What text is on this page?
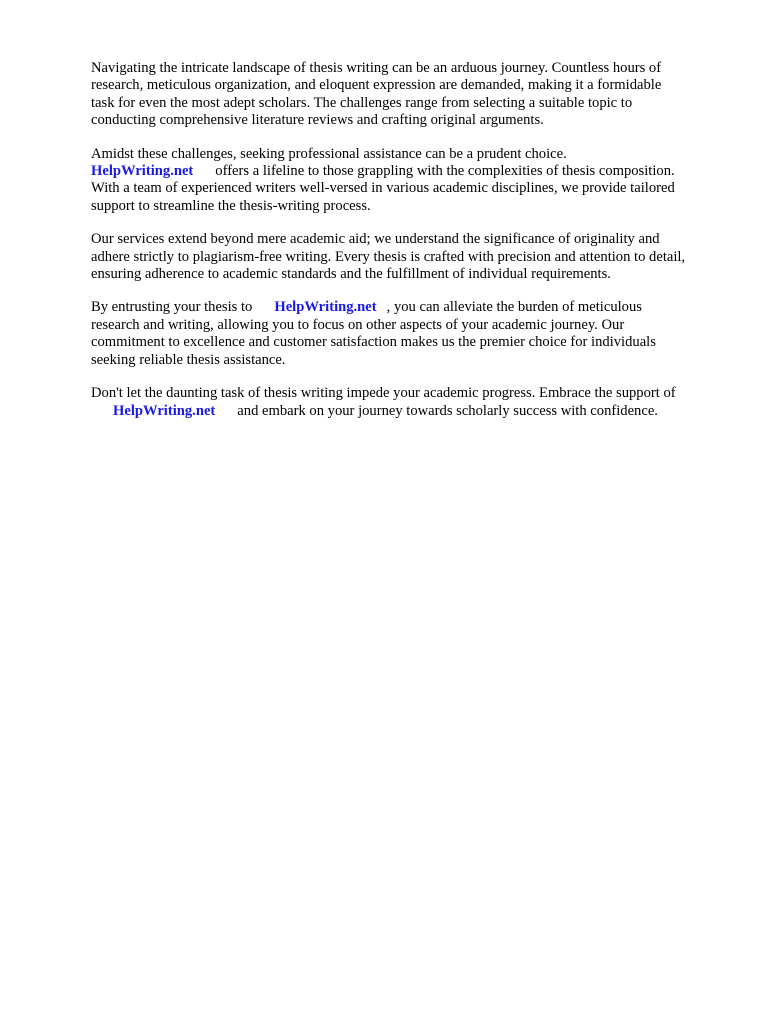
Navigating the intricate landscape of thesis writing can be an arduous journey. Countless hours of
research, meticulous organization, and eloquent expression are demanded, making it a formidable
task for even the most adept scholars. The challenges range from selecting a suitable topic to
conducting comprehensive literature reviews and crafting original arguments.

Amidst these challenges, seeking professional assistance can be a prudent choice.
HelpWriting.net offers a lifeline to those grappling with the complexities of thesis composition.
With a team of experienced writers well-versed in various academic disciplines, we provide tailored
support to streamline the thesis-writing process.

Our services extend beyond mere academic aid; we understand the significance of originality and
adhere strictly to plagiarism-free writing. Every thesis is crafted with precision and attention to detail,
ensuring adherence to academic standards and the fulfillment of individual requirements.

By entrusting your thesis to HelpWriting.net , you can alleviate the burden of meticulous
research and writing, allowing you to focus on other aspects of your academic journey. Our
commitment to excellence and customer satisfaction makes us the premier choice for individuals
seeking reliable thesis assistance.

Don't let the daunting task of thesis writing impede your academic progress. Embrace the support of
HelpWriting.net and embark on your journey towards scholarly success with confidence.
